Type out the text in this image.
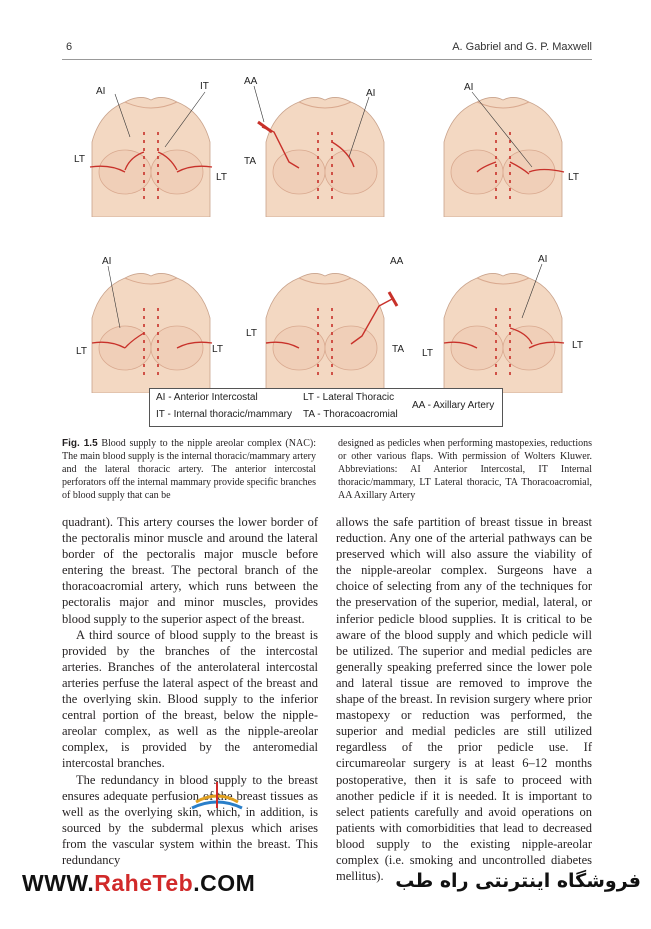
6	A. Gabriel and G. P. Maxwell
AI	IT
LT
LT
AA
AI
TA
AI
LT
AI
LT	LT
AA
LT
TA
AI
LT
LT
AI - Anterior Intercostal
IT - Internal thoracic/mammary
LT - Lateral Thoracic
TA - Thoracoacromial
AA - Axillary Artery
Fig. 1.5 Blood supply to the nipple areolar complex (NAC): The main blood supply is the internal thoracic/mammary artery and the lateral thoracic artery. The anterior intercostal perforators off the internal mammary provide specific branches of blood supply that can be
designed as pedicles when performing mastopexies, reductions or other various flaps. With permission of Wolters Kluwer. Abbreviations: AI Anterior Intercostal, IT Internal thoracic/mammary, LT Lateral thoracic, TA Thoracoacromial, AA Axillary Artery

quadrant). This artery courses the lower border of the pectoralis minor muscle and around the lateral border of the pectoralis major muscle before entering the breast. The pectoral branch of the thoracoacromial artery, which runs between the pectoralis major and minor muscles, provides blood supply to the superior aspect of the breast.

A third source of blood supply to the breast is provided by the branches of the intercostal arteries. Branches of the anterolateral intercostal arteries perfuse the lateral aspect of the breast and the overlying skin. Blood supply to the inferior central portion of the breast, below the nipple-areolar complex, as well as the nipple-areolar complex, is provided by the anteromedial intercostal branches.

The redundancy in blood supply to the breast ensures adequate perfusion of the breast tissues as well as the overlying skin, which, in addition, is sourced by the subdermal plexus which arises from the vascular system within the breast. This redundancy

allows the safe partition of breast tissue in breast reduction. Any one of the arterial pathways can be preserved which will also assure the viability of the nipple-areolar complex. Surgeons have a choice of selecting from any of the techniques for the preservation of the superior, medial, lateral, or inferior pedicle blood supplies. It is critical to be aware of the blood supply and which pedicle will be utilized. The superior and medial pedicles are generally speaking preferred since the lower pole and lateral tissue are removed to improve the shape of the breast. In revision surgery where prior mastopexy or reduction was performed, the superior and medial pedicles are still utilized regardless of the prior pedicle use. If circumareolar surgery is at least 6–12 months postoperative, then it is safe to proceed with another pedicle if it is needed. It is important to select patients carefully and avoid operations on patients with comorbidities that lead to decreased blood supply to the existing nipple-areolar complex (i.e. smoking and uncontrolled diabetes mellitus).

WWW.RaheTeb.COM	فروشگاه اینترنتی راه طب
